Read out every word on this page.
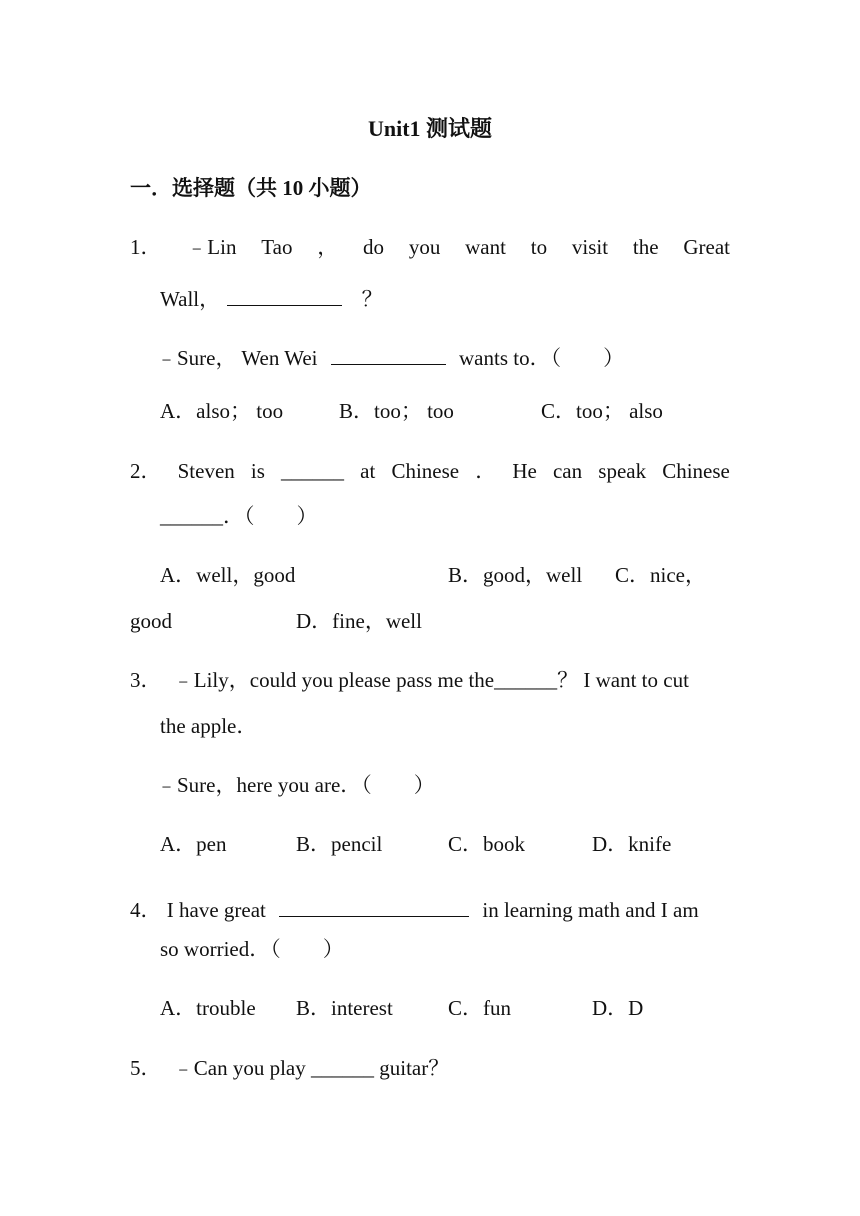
Unit1 测试题
一．选择题（共 10 小题）
1． ﹣Lin Tao ， do you want to visit the Great
Wall，	？
﹣Sure， Wen Wei	wants to．（　　）
A．also； too	B．too； too	C．too； also
2． Steven is ______ at Chinese ． He can speak Chinese
______．（　　）
A．well，good	B．good，well C．nice，
good	D．fine，well
3． ﹣Lily，could you please pass me the______？ I want to cut
the apple．
﹣Sure，here you are．（　　）
A．pen	B．pencil	C．book	D．knife
4． I have great	in learning math and I am
so worried．（　　）
A．trouble B．interest	C．fun	D．D
5． ﹣Can you play ______ guitar？
